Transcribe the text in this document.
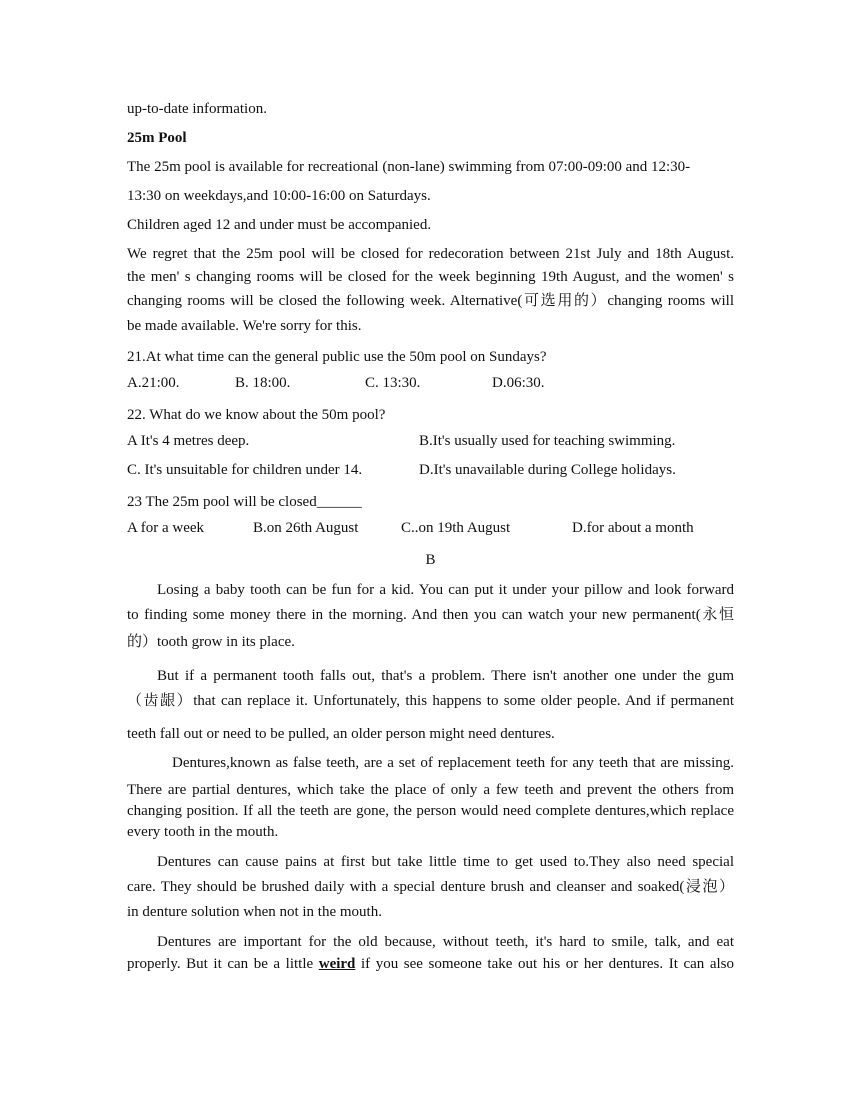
up-to-date information.

25m Pool

The 25m pool is available for recreational (non-lane) swimming from 07:00-09:00 and 12:30-

13:30 on weekdays,and 10:00-16:00 on Saturdays.

Children aged 12 and under must be accompanied.

We regret that the 25m pool will be closed for redecoration between 21st July and 18th August.

the men' s changing rooms will be closed for the week beginning 19th August, and the women' s

changing rooms will be closed the following week. Alternative(可选用的）changing rooms will

be made available. We're sorry for this.

21.At what time can the general public use the 50m pool on Sundays?

A.21:00.	B. 18:00.	C. 13:30.	D.06:30.

22. What do we know about the 50m pool?

A It's 4 metres deep.	B.It's usually used for teaching swimming.
C. It's unsuitable for children under 14.	D.It's unavailable during College holidays.

23 The 25m pool will be closed______

A for a week	B.on 26th August	C..on 19th August	D.for about a month

B

Losing a baby tooth can be fun for a kid. You can put it under your pillow and look forward

to finding some money there in the morning. And then you can watch your new permanent(永恒

的）tooth grow in its place.

But if a permanent tooth falls out, that's a problem. There isn't another one under the gum

（齿龈）that can replace it. Unfortunately, this happens to some older people. And if permanent

teeth fall out or need to be pulled, an older person might need dentures.

Dentures,known as false teeth, are a set of replacement teeth for any teeth that are missing.

There are partial dentures, which take the place of only a few teeth and prevent the others from changing position. If all the teeth are gone, the person would need complete dentures,which replace every tooth in the mouth.

Dentures can cause pains at first but take little time to get used to.They also need special

care. They should be brushed daily with a special denture brush and cleanser and soaked(浸泡）

in denture solution when not in the mouth.

Dentures are important for the old because, without teeth, it's hard to smile, talk, and eat

properly. But it can be a little weird if you see someone take out his or her dentures. It can also
